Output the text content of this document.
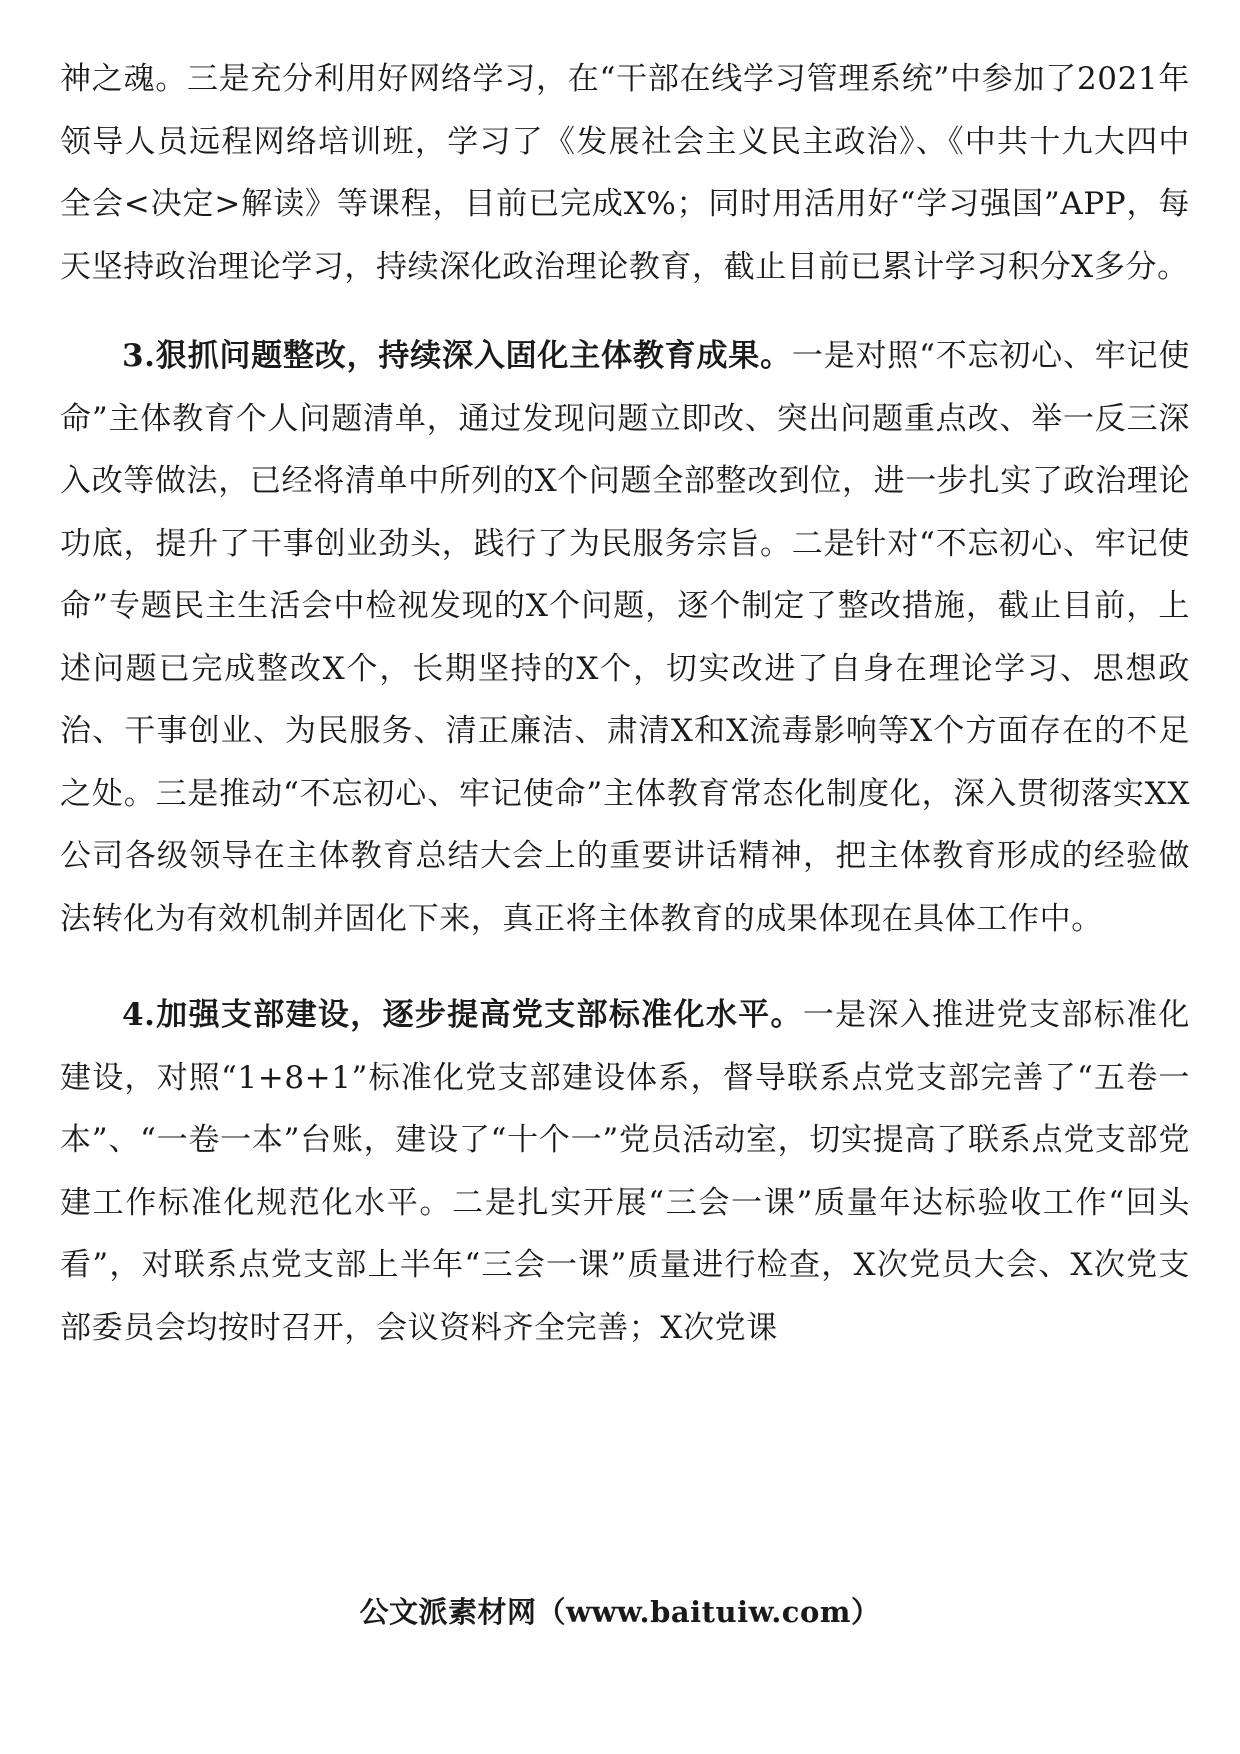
神之魂。三是充分利用好网络学习，在“干部在线学习管理系统”中参加了2021年领导人员远程网络培训班，学习了《发展社会主义民主政治》、《中共十九大四中全会<决定>解读》等课程，目前已完成X%；同时用活用好“学习强国”APP，每天坚持政治理论学习，持续深化政治理论教育，截止目前已累计学习积分X多分。

3.狠抓问题整改，持续深入固化主体教育成果。一是对照“不忘初心、牢记使命”主体教育个人问题清单，通过发现问题立即改、突出问题重点改、举一反三深入改等做法，已经将清单中所列的X个问题全部整改到位，进一步扎实了政治理论功底，提升了干事创业劲头，践行了为民服务宗旨。二是针对“不忘初心、牢记使命”专题民主生活会中检视发现的X个问题，逐个制定了整改措施，截止目前，上述问题已完成整改X个，长期坚持的X个，切实改进了自身在理论学习、思想政治、干事创业、为民服务、清正廉洁、肃清X和X流毒影响等X个方面存在的不足之处。三是推动“不忘初心、牢记使命”主体教育常态化制度化，深入贯彻落实XX公司各级领导在主体教育总结大会上的重要讲话精神，把主体教育形成的经验做法转化为有效机制并固化下来，真正将主体教育的成果体现在具体工作中。

4.加强支部建设，逐步提高党支部标准化水平。一是深入推进党支部标准化建设，对照“1+8+1”标准化党支部建设体系，督导联系点党支部完善了“五卷一本”、“一卷一本”台账，建设了“十个一”党员活动室，切实提高了联系点党支部党建工作标准化规范化水平。二是扎实开展“三会一课”质量年达标验收工作“回头看”，对联系点党支部上半年“三会一课”质量进行检查，X次党员大会、X次党支部委员会均按时召开，会议资料齐全完善；X次党课

公文派素材网（www.baituiw.com）
